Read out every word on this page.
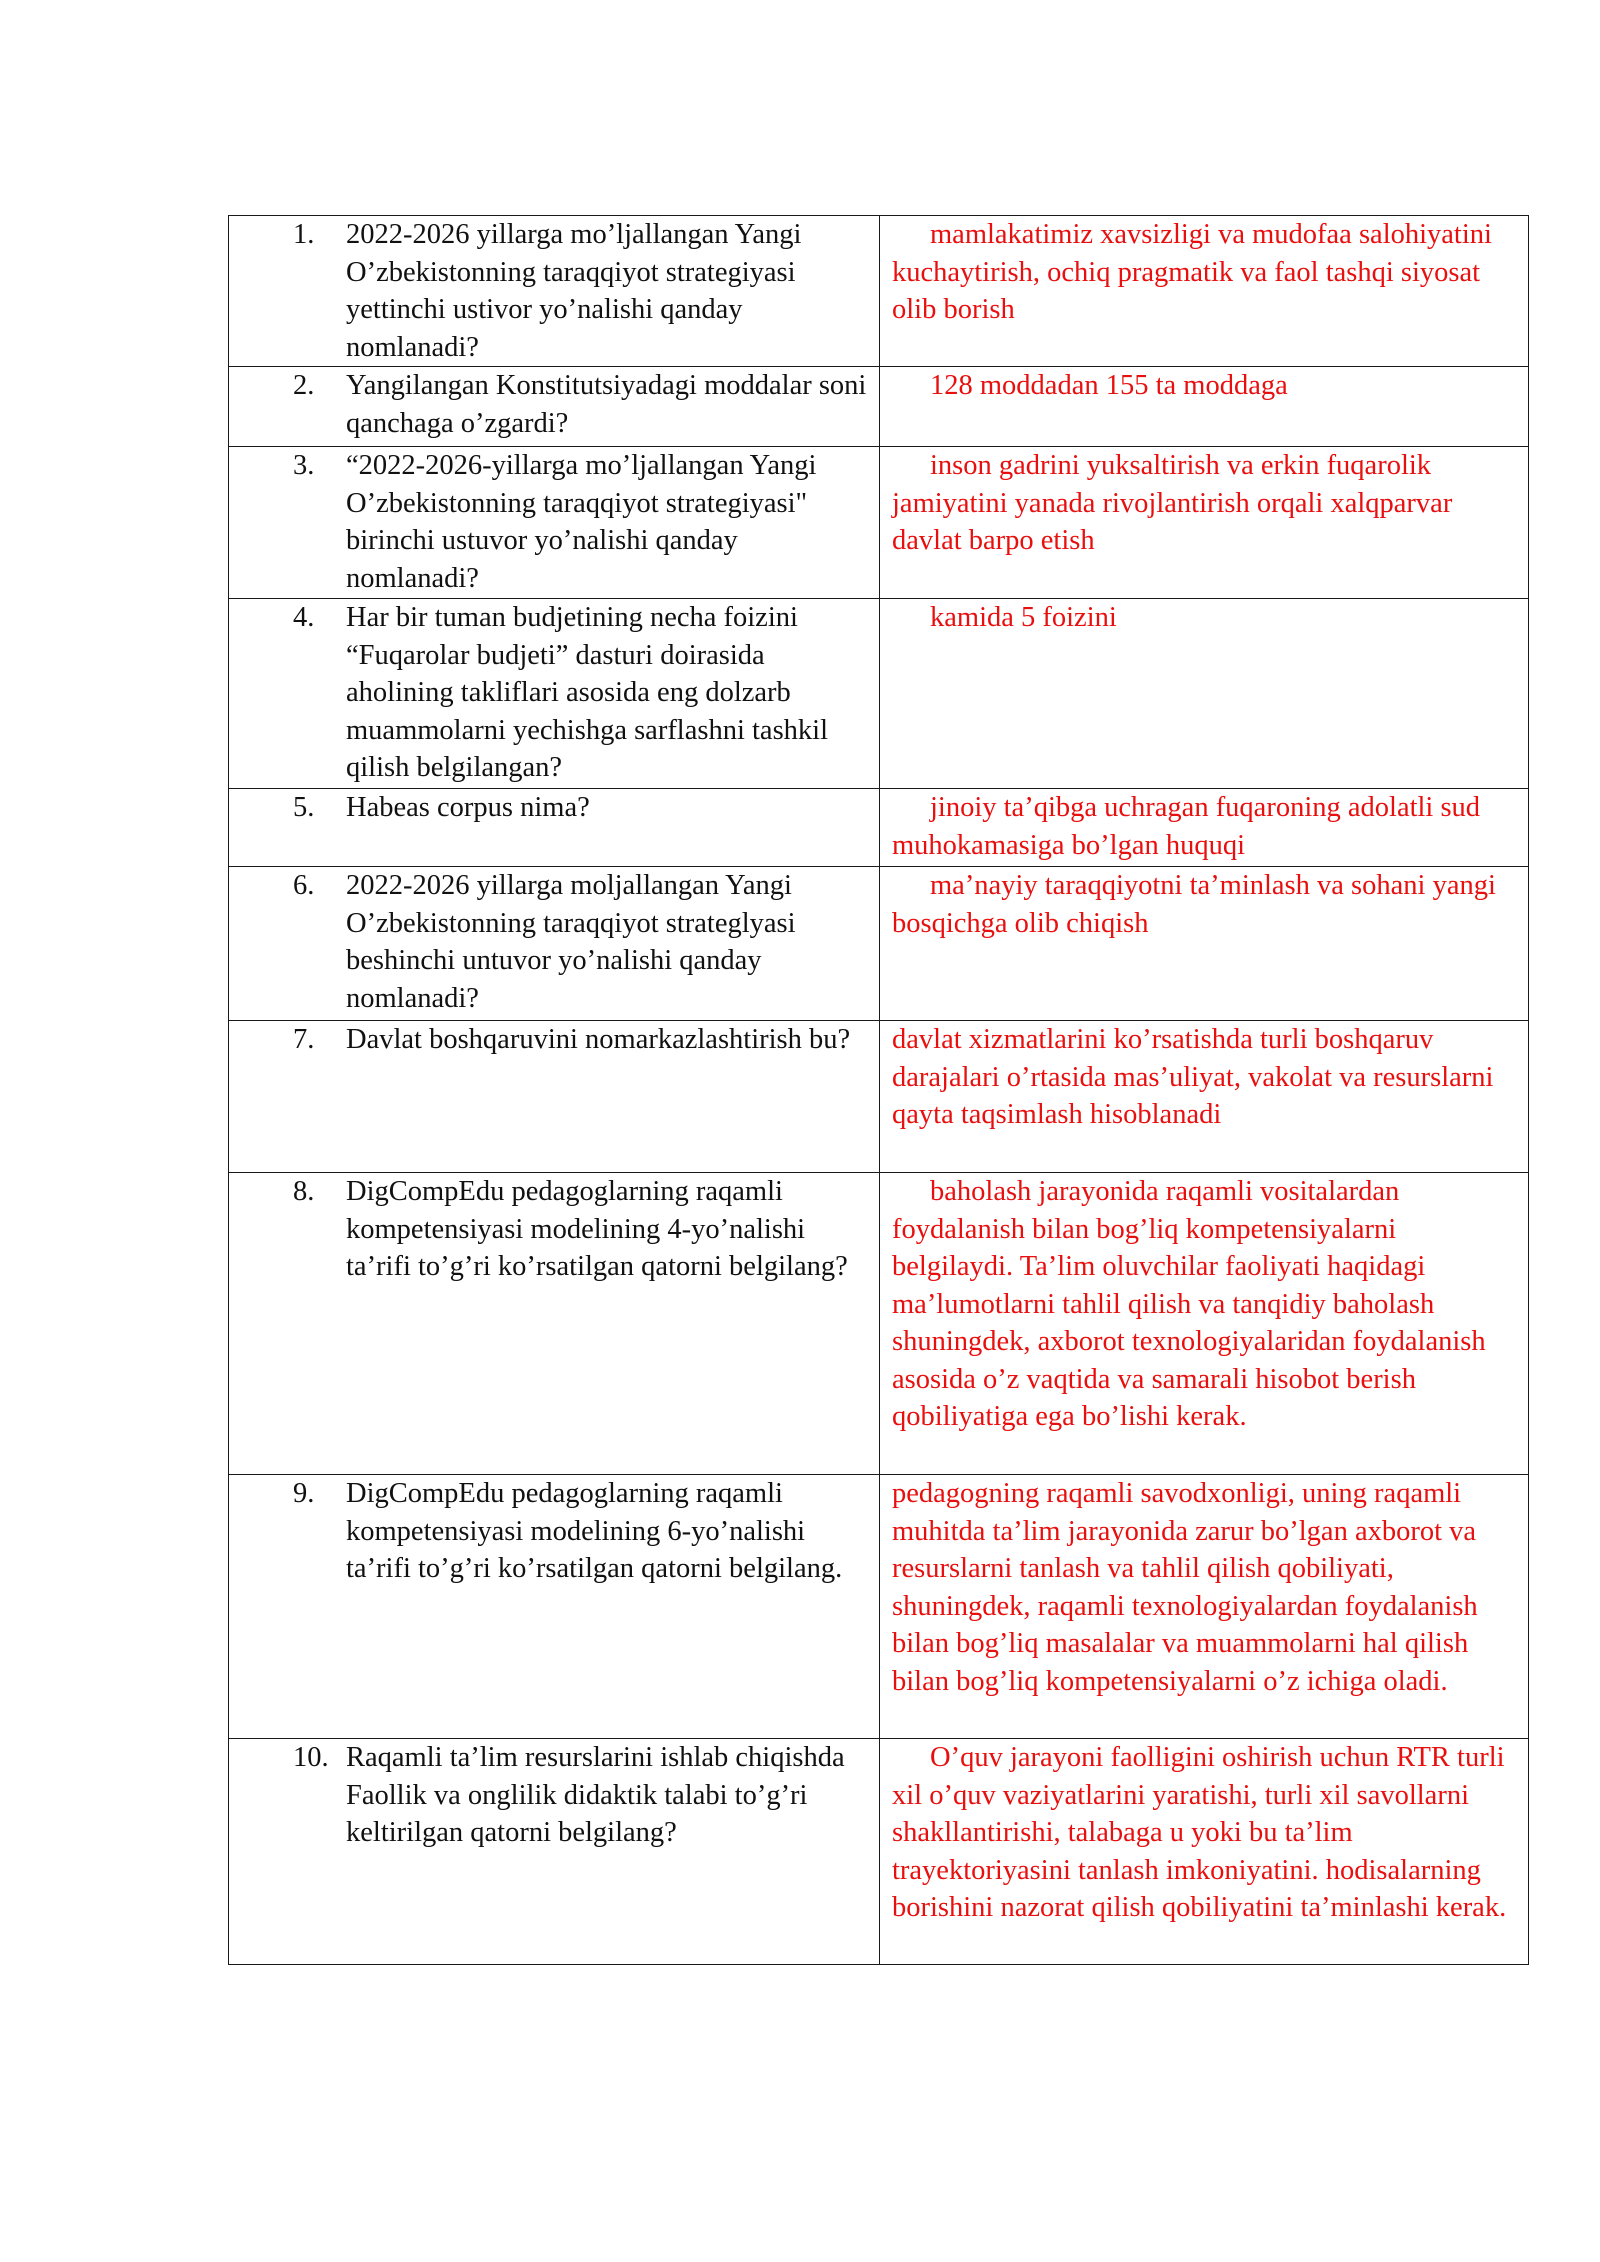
1. 2022-2026 yillarga mo’ljallangan Yangi O’zbekistonning taraqqiyot strategiyasi yettinchi ustivor yo’nalishi qanday nomlanadi?	mamlakatimiz xavsizligi va mudofaa salohiyatini kuchaytirish, ochiq pragmatik va faol tashqi siyosat olib borish

2. Yangilangan Konstitutsiyadagi moddalar soni qanchaga o’zgardi?	128 moddadan 155 ta moddaga

3. “2022-2026-yillarga mo’ljallangan Yangi O’zbekistonning taraqqiyot strategiyasi" birinchi ustuvor yo’nalishi qanday nomlanadi?	inson gadrini yuksaltirish va erkin fuqarolik jamiyatini yanada rivojlantirish orqali xalqparvar davlat barpo etish

4. Har bir tuman budjetining necha foizini “Fuqarolar budjeti” dasturi doirasida aholining takliflari asosida eng dolzarb muammolarni yechishga sarflashni tashkil qilish belgilangan?	kamida 5 foizini

5. Habeas corpus nima?	jinoiy ta’qibga uchragan fuqaroning adolatli sud muhokamasiga bo’lgan huquqi

6. 2022-2026 yillarga moljallangan Yangi O’zbekistonning taraqqiyot strateglyasi beshinchi untuvor yo’nalishi qanday nomlanadi?	ma’nayiy taraqqiyotni ta’minlash va sohani yangi bosqichga olib chiqish

7. Davlat boshqaruvini nomarkazlashtirish bu?	davlat xizmatlarini ko’rsatishda turli boshqaruv darajalari o’rtasida mas’uliyat, vakolat va resurslarni qayta taqsimlash hisoblanadi

8. DigCompEdu pedagoglarning raqamli kompetensiyasi modelining 4-yo’nalishi ta’rifi to’g’ri ko’rsatilgan qatorni belgilang?	baholash jarayonida raqamli vositalardan foydalanish bilan bog’liq kompetensiyalarni belgilaydi. Ta’lim oluvchilar faoliyati haqidagi ma’lumotlarni tahlil qilish va tanqidiy baholash shuningdek, axborot texnologiyalaridan foydalanish asosida o’z vaqtida va samarali hisobot berish qobiliyatiga ega bo’lishi kerak.

9. DigCompEdu pedagoglarning raqamli kompetensiyasi modelining 6-yo’nalishi ta’rifi to’g’ri ko’rsatilgan qatorni belgilang.	pedagogning raqamli savodxonligi, uning raqamli muhitda ta’lim jarayonida zarur bo’lgan axborot va resurslarni tanlash va tahlil qilish qobiliyati, shuningdek, raqamli texnologiyalardan foydalanish bilan bog’liq masalalar va muammolarni hal qilish bilan bog’liq kompetensiyalarni o’z ichiga oladi.

10. Raqamli ta’lim resurslarini ishlab chiqishda Faollik va onglilik didaktik talabi to’g’ri keltirilgan qatorni belgilang?	O’quv jarayoni faolligini oshirish uchun RTR turli xil o’quv vaziyatlarini yaratishi, turli xil savollarni shakllantirishi, talabaga u yoki bu ta’lim trayektoriyasini tanlash imkoniyatini. hodisalarning borishini nazorat qilish qobiliyatini ta’minlashi kerak.
